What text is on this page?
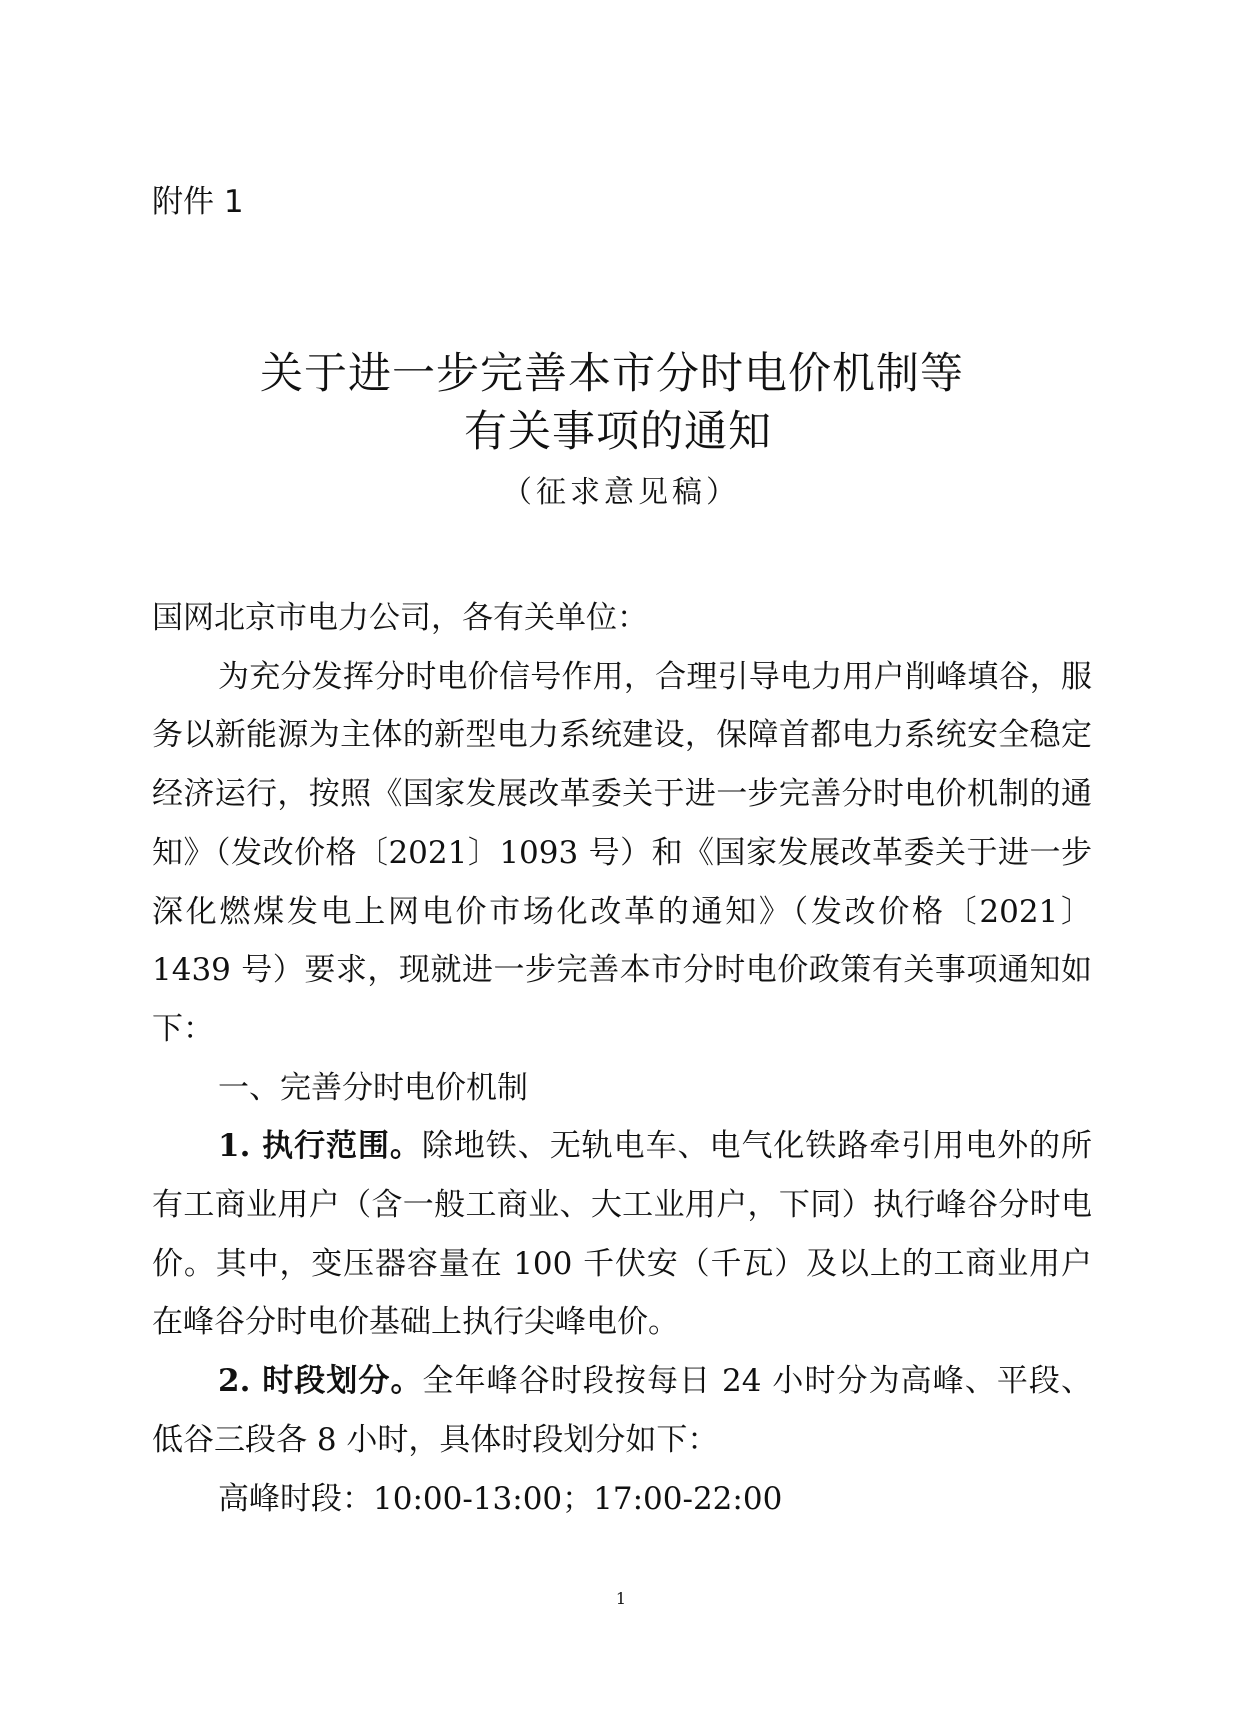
附件 1
关于进一步完善本市分时电价机制等
有关事项的通知
（征求意见稿）

国网北京市电力公司，各有关单位：

为充分发挥分时电价信号作用，合理引导电力用户削峰填谷，服务以新能源为主体的新型电力系统建设，保障首都电力系统安全稳定经济运行，按照《国家发展改革委关于进一步完善分时电价机制的通知》（发改价格〔2021〕1093 号）和《国家发展改革委关于进一步深化燃煤发电上网电价市场化改革的通知》（发改价格〔2021〕1439 号）要求，现就进一步完善本市分时电价政策有关事项通知如下：

一、完善分时电价机制

1. 执行范围。除地铁、无轨电车、电气化铁路牵引用电外的所有工商业用户（含一般工商业、大工业用户，下同）执行峰谷分时电价。其中，变压器容量在 100 千伏安（千瓦）及以上的工商业用户在峰谷分时电价基础上执行尖峰电价。

2. 时段划分。全年峰谷时段按每日 24 小时分为高峰、平段、低谷三段各 8 小时，具体时段划分如下：

高峰时段：10:00-13:00；17:00-22:00

1
